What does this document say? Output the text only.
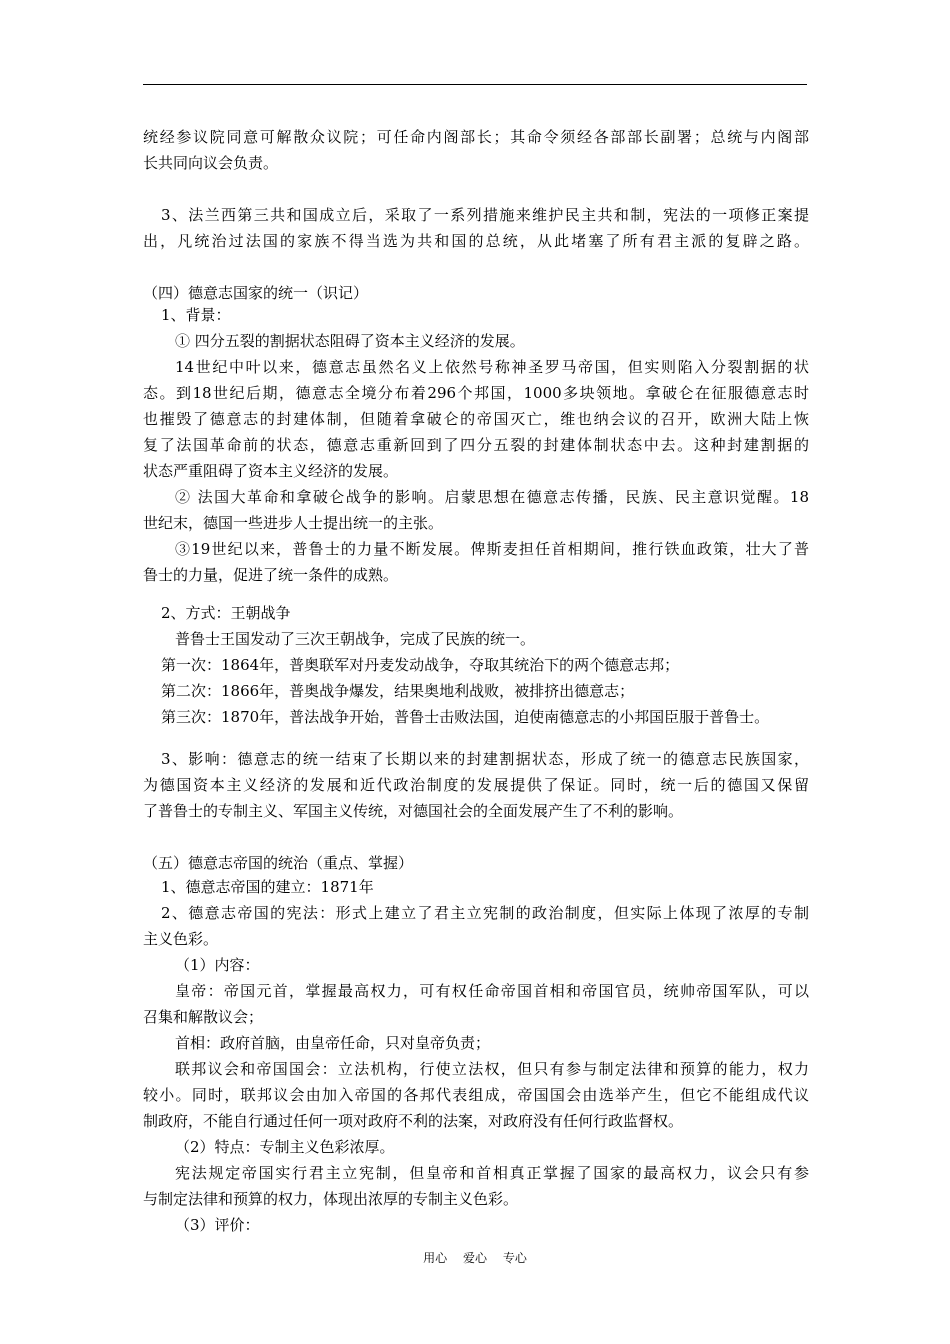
统经参议院同意可解散众议院；可任命内阁部长；其命令须经各部部长副署；总统与内阁部
长共同向议会负责。
3、法兰西第三共和国成立后，采取了一系列措施来维护民主共和制，宪法的一项修正案提
出，凡统治过法国的家族不得当选为共和国的总统，从此堵塞了所有君主派的复辟之路。
（四）德意志国家的统一（识记）
1、背景：
① 四分五裂的割据状态阻碍了资本主义经济的发展。
14世纪中叶以来，德意志虽然名义上依然号称神圣罗马帝国，但实则陷入分裂割据的状
态。到18世纪后期，德意志全境分布着296个邦国，1000多块领地。拿破仑在征服德意志时
也摧毁了德意志的封建体制，但随着拿破仑的帝国灭亡，维也纳会议的召开，欧洲大陆上恢
复了法国革命前的状态，德意志重新回到了四分五裂的封建体制状态中去。这种封建割据的
状态严重阻碍了资本主义经济的发展。
② 法国大革命和拿破仑战争的影响。启蒙思想在德意志传播，民族、民主意识觉醒。18
世纪末，德国一些进步人士提出统一的主张。
③19世纪以来，普鲁士的力量不断发展。俾斯麦担任首相期间，推行铁血政策，壮大了普
鲁士的力量，促进了统一条件的成熟。
2、方式：王朝战争
普鲁士王国发动了三次王朝战争，完成了民族的统一。
第一次：1864年，普奥联军对丹麦发动战争，夺取其统治下的两个德意志邦；
第二次：1866年，普奥战争爆发，结果奥地利战败，被排挤出德意志；
第三次：1870年，普法战争开始，普鲁士击败法国，迫使南德意志的小邦国臣服于普鲁士。
3、影响：德意志的统一结束了长期以来的封建割据状态，形成了统一的德意志民族国家，
为德国资本主义经济的发展和近代政治制度的发展提供了保证。同时，统一后的德国又保留
了普鲁士的专制主义、军国主义传统，对德国社会的全面发展产生了不利的影响。
（五）德意志帝国的统治（重点、掌握）
1、德意志帝国的建立：1871年
2、德意志帝国的宪法：形式上建立了君主立宪制的政治制度，但实际上体现了浓厚的专制
主义色彩。
（1）内容：
皇帝：帝国元首，掌握最高权力，可有权任命帝国首相和帝国官员，统帅帝国军队，可以
召集和解散议会；
首相：政府首脑，由皇帝任命，只对皇帝负责；
联邦议会和帝国国会：立法机构，行使立法权，但只有参与制定法律和预算的能力，权力
较小。同时，联邦议会由加入帝国的各邦代表组成，帝国国会由选举产生，但它不能组成代议
制政府，不能自行通过任何一项对政府不利的法案，对政府没有任何行政监督权。
（2）特点：专制主义色彩浓厚。
宪法规定帝国实行君主立宪制，但皇帝和首相真正掌握了国家的最高权力，议会只有参
与制定法律和预算的权力，体现出浓厚的专制主义色彩。
（3）评价：
用心 爱心 专心
